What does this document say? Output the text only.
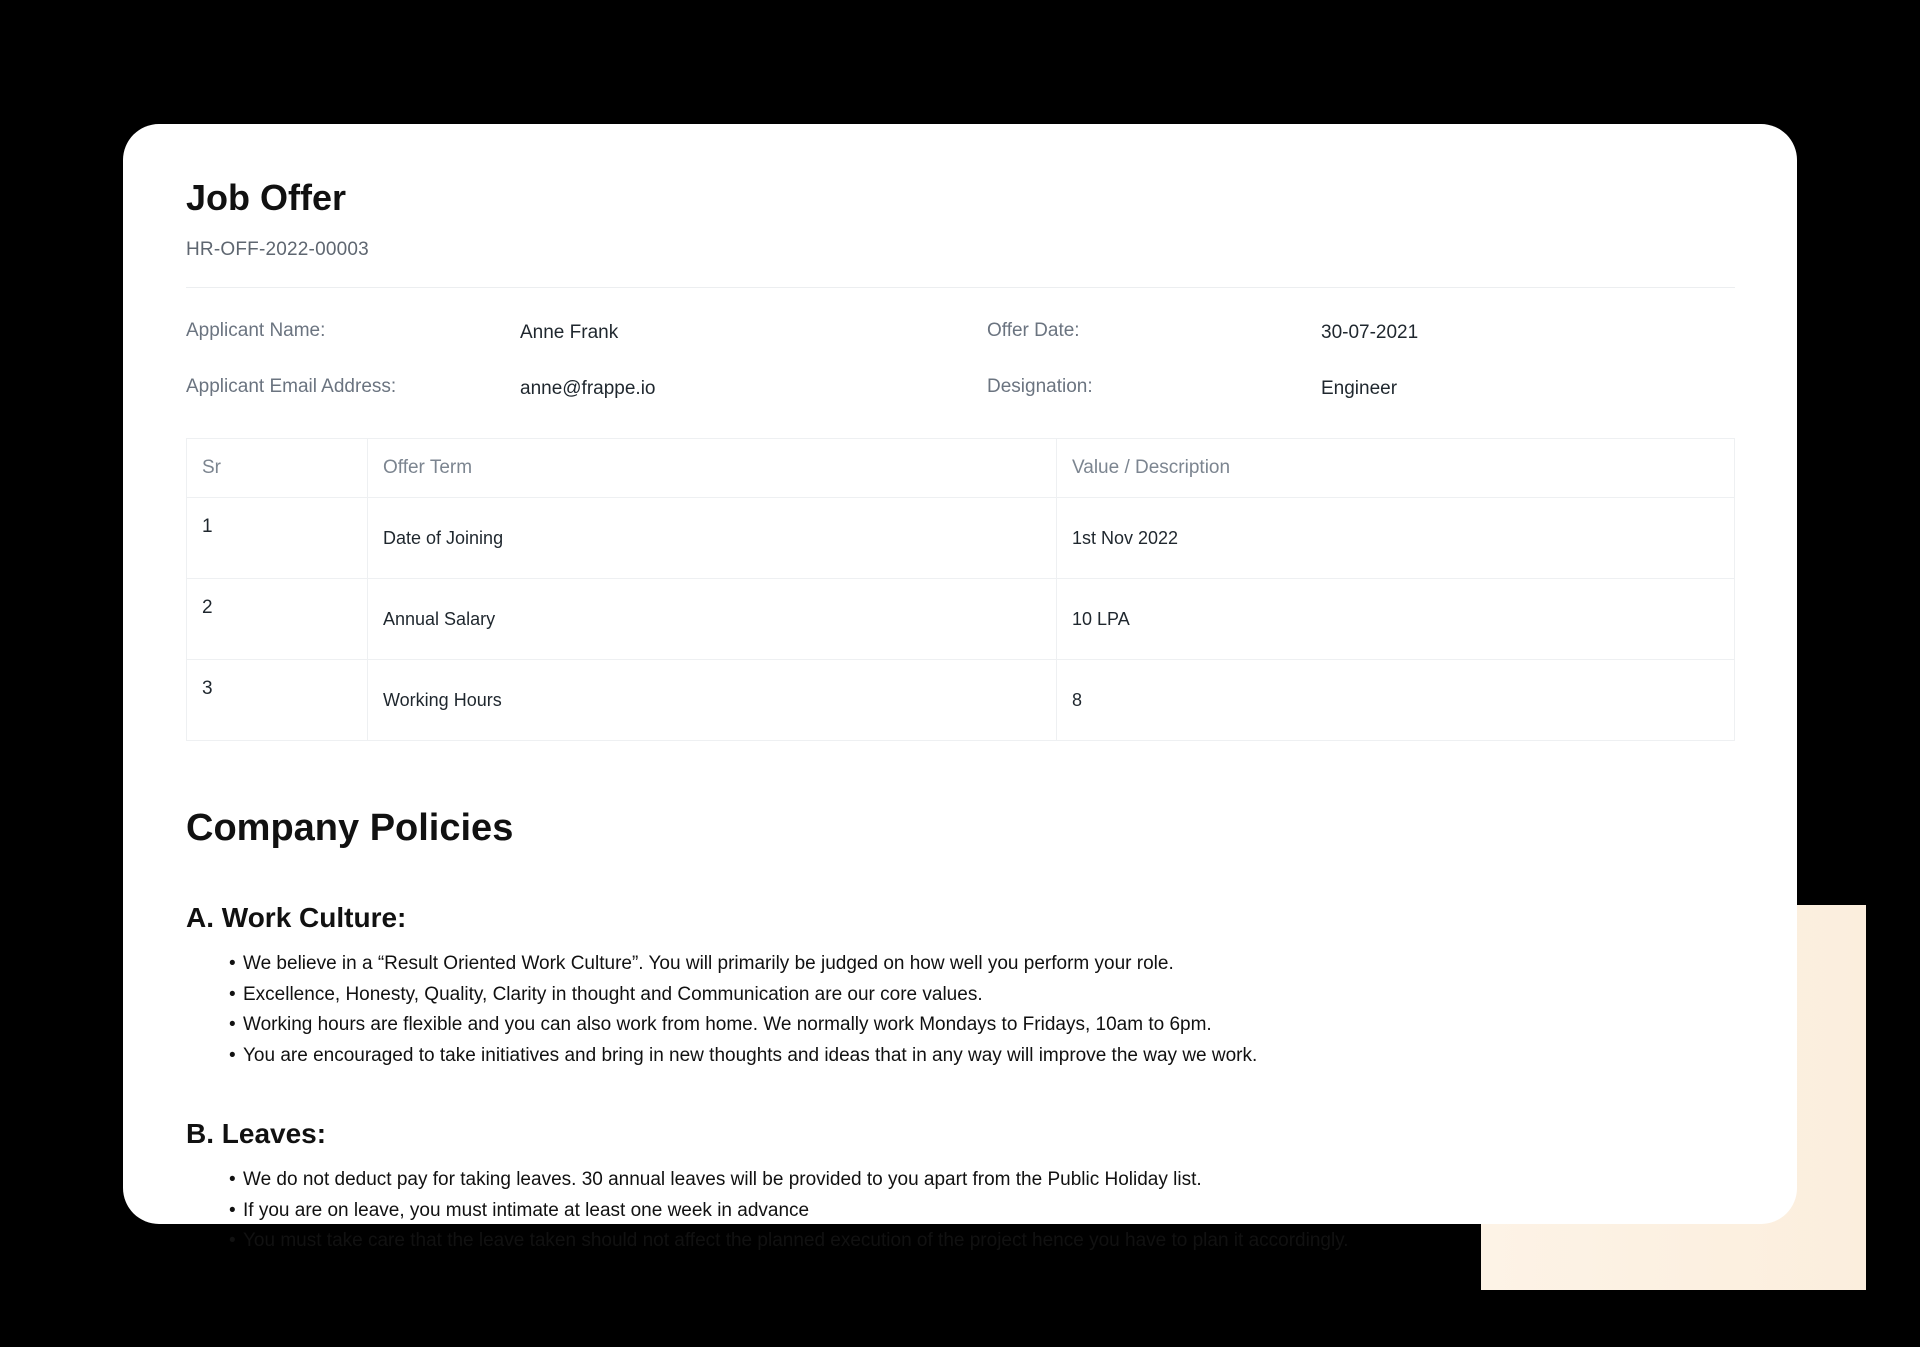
Job Offer
HR-OFF-2022-00003
Applicant Name:	Anne Frank	Offer Date:	30-07-2021
Applicant Email Address:	anne@frappe.io	Designation:	Engineer
Sr	Offer Term	Value / Description
1	Date of Joining	1st Nov 2022
2	Annual Salary	10 LPA
3	Working Hours	8
Company Policies
A. Work Culture:
• We believe in a “Result Oriented Work Culture”. You will primarily be judged on how well you perform your role.
• Excellence, Honesty, Quality, Clarity in thought and Communication are our core values.
• Working hours are flexible and you can also work from home. We normally work Mondays to Fridays, 10am to 6pm.
• You are encouraged to take initiatives and bring in new thoughts and ideas that in any way will improve the way we work.
B. Leaves:
• We do not deduct pay for taking leaves. 30 annual leaves will be provided to you apart from the Public Holiday list.
• If you are on leave, you must intimate at least one week in advance
• You must take care that the leave taken should not affect the planned execution of the project hence you have to plan it accordingly.
